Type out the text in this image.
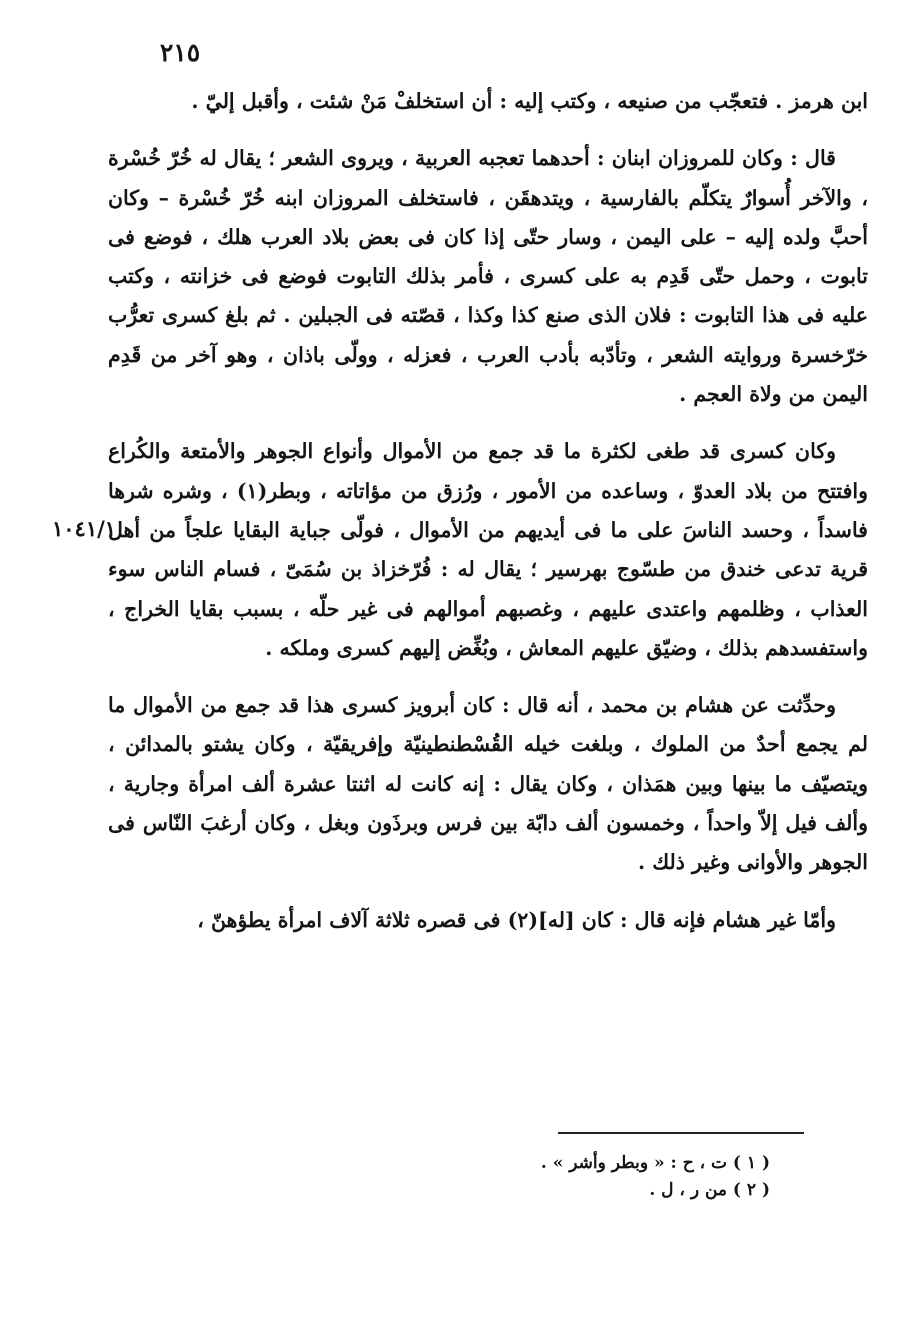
٢١٥
١٠٤١/١

ابن هرمز . فتعجّب من صنيعه ، وكتب إليه : أن استخلفْ مَنْ شئت ، وأقبل إليّ .

قال : وكان للمروزان ابنان : أحدهما تعجبه العربية ، ويروى الشعر ؛ يقال له خُرّ خُسْرة ، والآخر أُسوارٌ يتكلّم بالفارسية ، ويتدهقَن ، فاستخلف المروزان ابنه خُرّ خُسْرة – وكان أحبَّ ولده إليه – على اليمن ، وسار حتّى إذا كان فى بعض بلاد العرب هلك ، فوضع فى تابوت ، وحمل حتّى قَدِم به على كسرى ، فأمر بذلك التابوت فوضع فى خزانته ، وكتب عليه فى هذا التابوت : فلان الذى صنع كذا وكذا ، قصّته فى الجبلين . ثم بلغ كسرى تعرُّب خرّخسرة وروايته الشعر ، وتأدّبه بأدب العرب ، فعزله ، وولّى باذان ، وهو آخر من قَدِم اليمن من ولاة العجم .

وكان كسرى قد طغى لكثرة ما قد جمع من الأموال وأنواع الجوهر والأمتعة والكُراع وافتتح من بلاد العدوّ ، وساعده من الأمور ، ورُزق من مؤاتاته ، وبطر(١) ، وشره شرها فاسداً ، وحسد الناسَ على ما فى أيديهم من الأموال ، فولّى جباية البقايا علجاً من أهل قرية تدعى خندق من طسّوج بهرسير ؛ يقال له : فُرّخزاذ بن سُمَىّ ، فسام الناس سوء العذاب ، وظلمهم واعتدى عليهم ، وغصبهم أموالهم فى غير حلّه ، بسبب بقايا الخراج ، واستفسدهم بذلك ، وضيّق عليهم المعاش ، وبُغِّض إليهم كسرى وملكه .

وحدِّثت عن هشام بن محمد ، أنه قال : كان أبرويز كسرى هذا قد جمع من الأموال ما لم يجمع أحدٌ من الملوك ، وبلغت خيله القُسْطنطينيّة وإفريقيّة ، وكان يشتو بالمدائن ، ويتصيّف ما بينها وبين همَذان ، وكان يقال : إنه كانت له اثنتا عشرة ألف امرأة وجارية ، وألف فيل إلاّ واحداً ، وخمسون ألف دابّة بين فرس وبرذَون وبغل ، وكان أرغبَ النّاس فى الجوهر والأوانى وغير ذلك .

وأمّا غير هشام فإنه قال : كان [له](٢) فى قصره ثلاثة آلاف امرأة يطؤهنّ ،

( ١ ) ت ، ح : « وبطر وأشر » .
( ٢ ) من ر ، ل .
